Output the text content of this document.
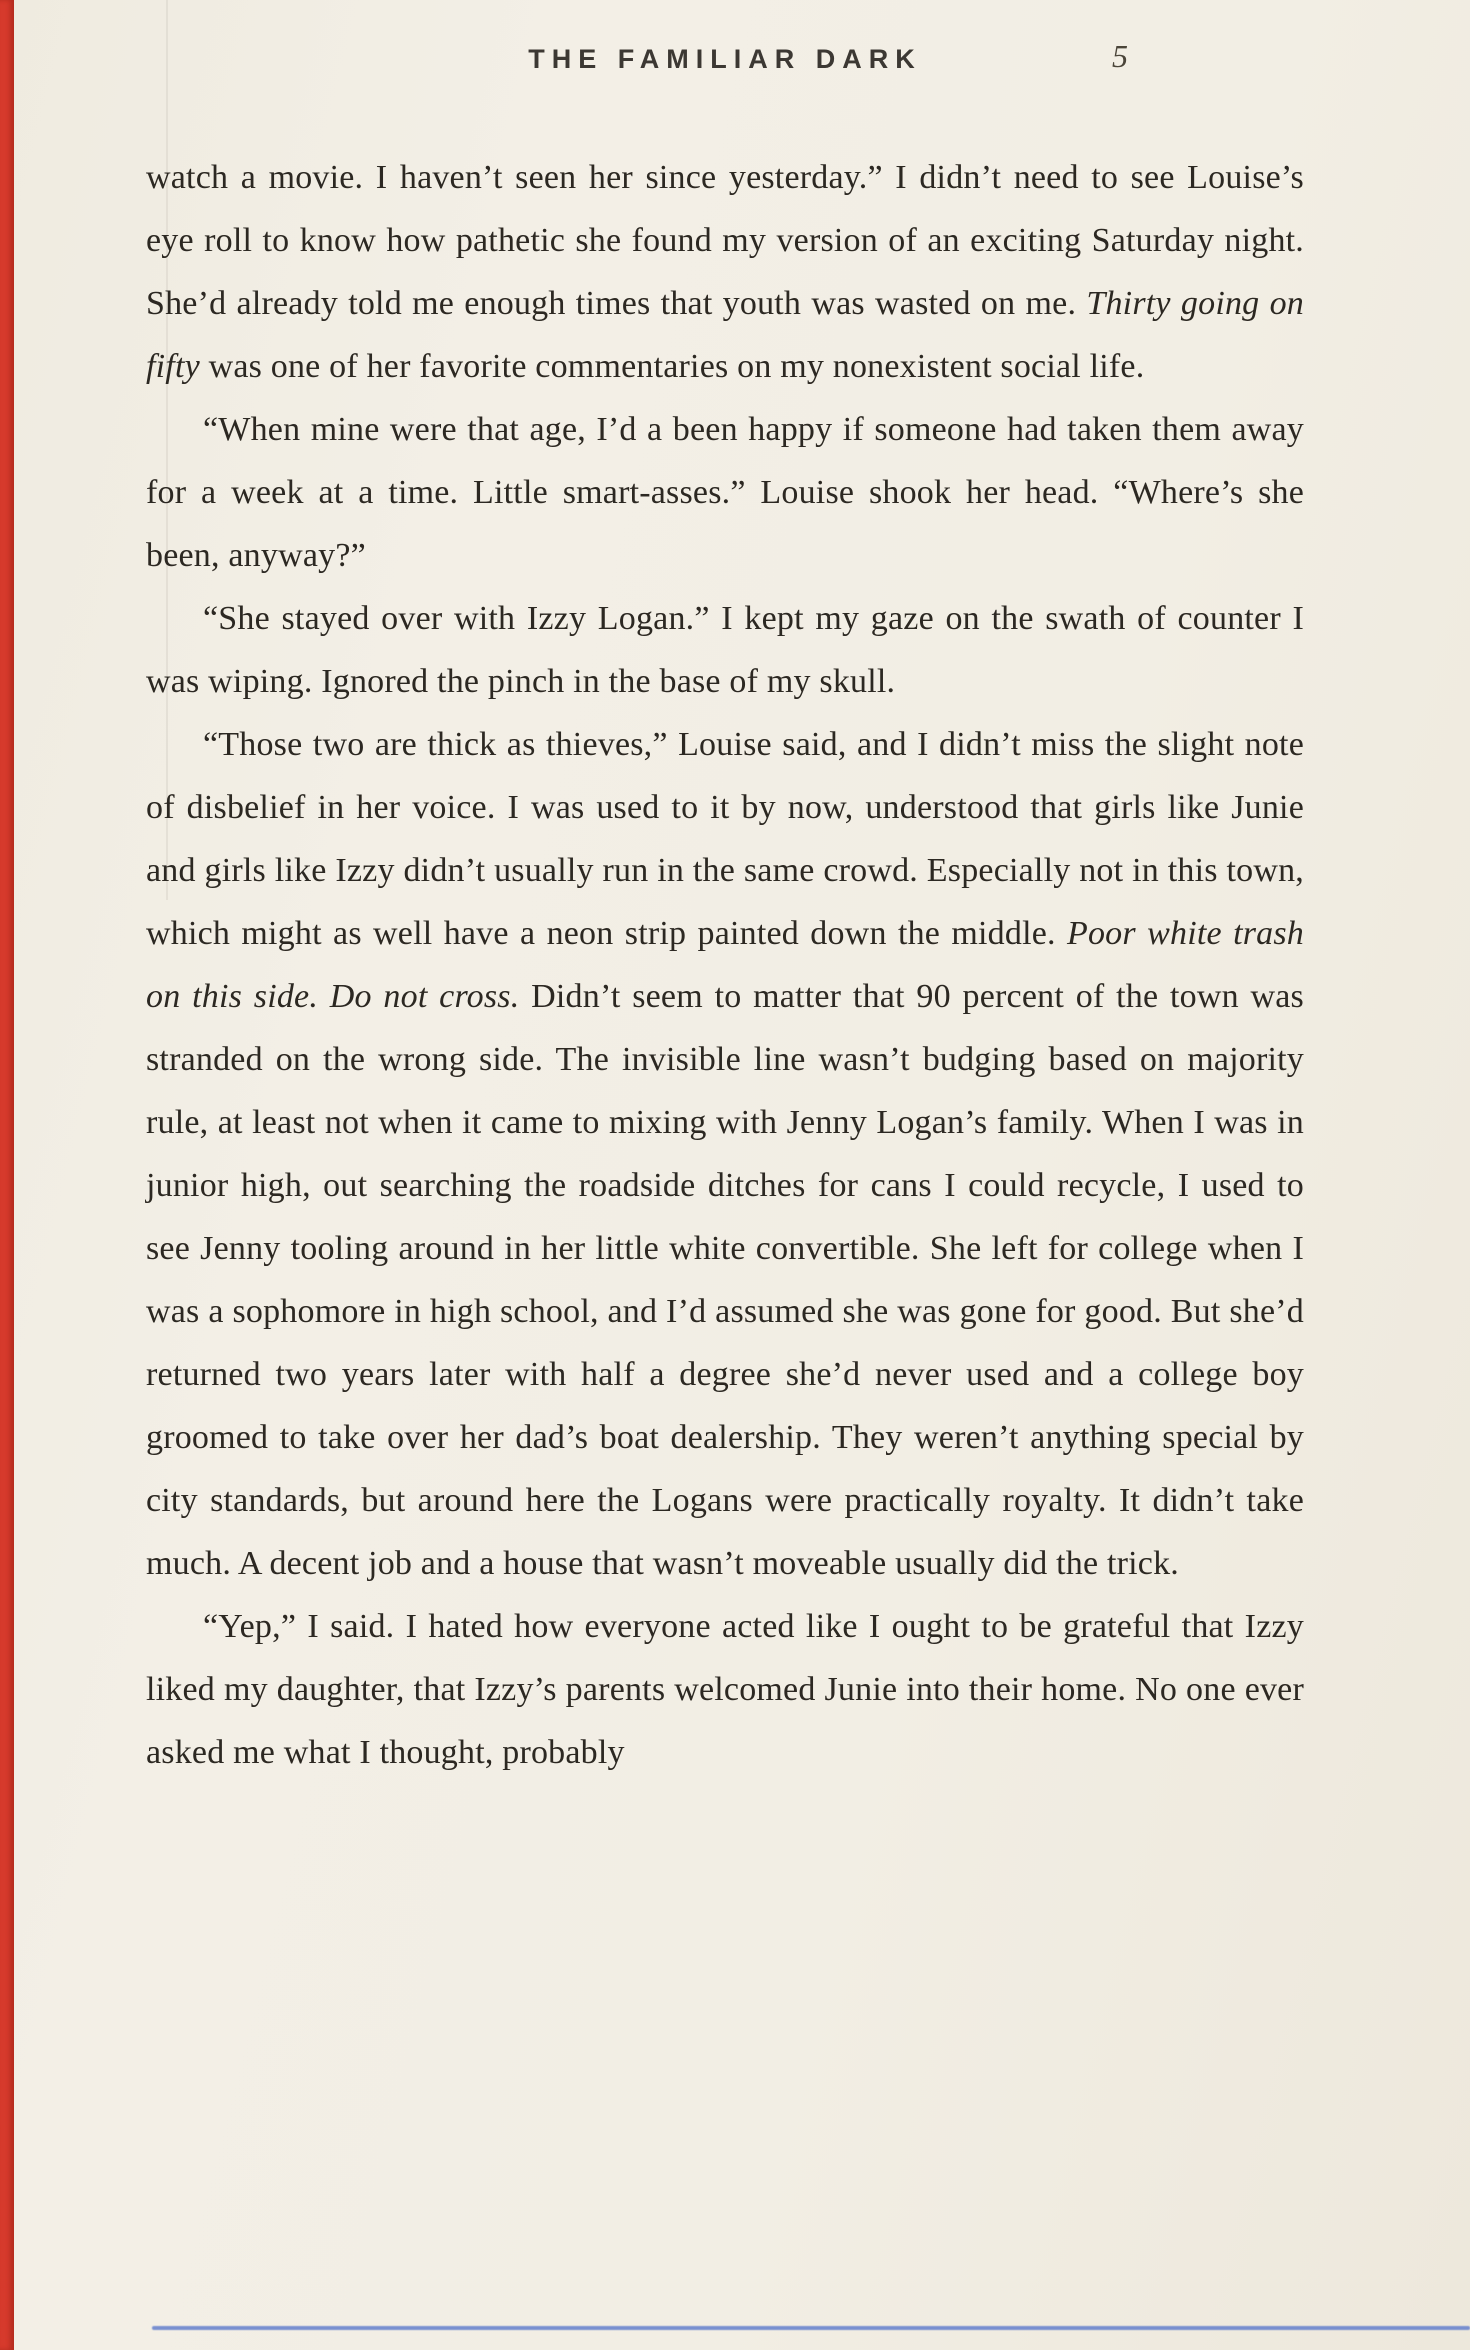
THE FAMILIAR DARK	5

watch a movie. I haven’t seen her since yesterday.” I didn’t need to see Louise’s eye roll to know how pathetic she found my version of an exciting Saturday night. She’d already told me enough times that youth was wasted on me. Thirty going on fifty was one of her favorite commentaries on my nonexistent social life.

“When mine were that age, I’d a been happy if someone had taken them away for a week at a time. Little smart-asses.” Louise shook her head. “Where’s she been, anyway?”

“She stayed over with Izzy Logan.” I kept my gaze on the swath of counter I was wiping. Ignored the pinch in the base of my skull.

“Those two are thick as thieves,” Louise said, and I didn’t miss the slight note of disbelief in her voice. I was used to it by now, understood that girls like Junie and girls like Izzy didn’t usually run in the same crowd. Especially not in this town, which might as well have a neon strip painted down the middle. Poor white trash on this side. Do not cross. Didn’t seem to matter that 90 percent of the town was stranded on the wrong side. The invisible line wasn’t budging based on majority rule, at least not when it came to mixing with Jenny Logan’s family. When I was in junior high, out searching the roadside ditches for cans I could recycle, I used to see Jenny tooling around in her little white convertible. She left for college when I was a sophomore in high school, and I’d assumed she was gone for good. But she’d returned two years later with half a degree she’d never used and a college boy groomed to take over her dad’s boat dealership. They weren’t anything special by city standards, but around here the Logans were practically royalty. It didn’t take much. A decent job and a house that wasn’t moveable usually did the trick.

“Yep,” I said. I hated how everyone acted like I ought to be grateful that Izzy liked my daughter, that Izzy’s parents welcomed Junie into their home. No one ever asked me what I thought, probably
